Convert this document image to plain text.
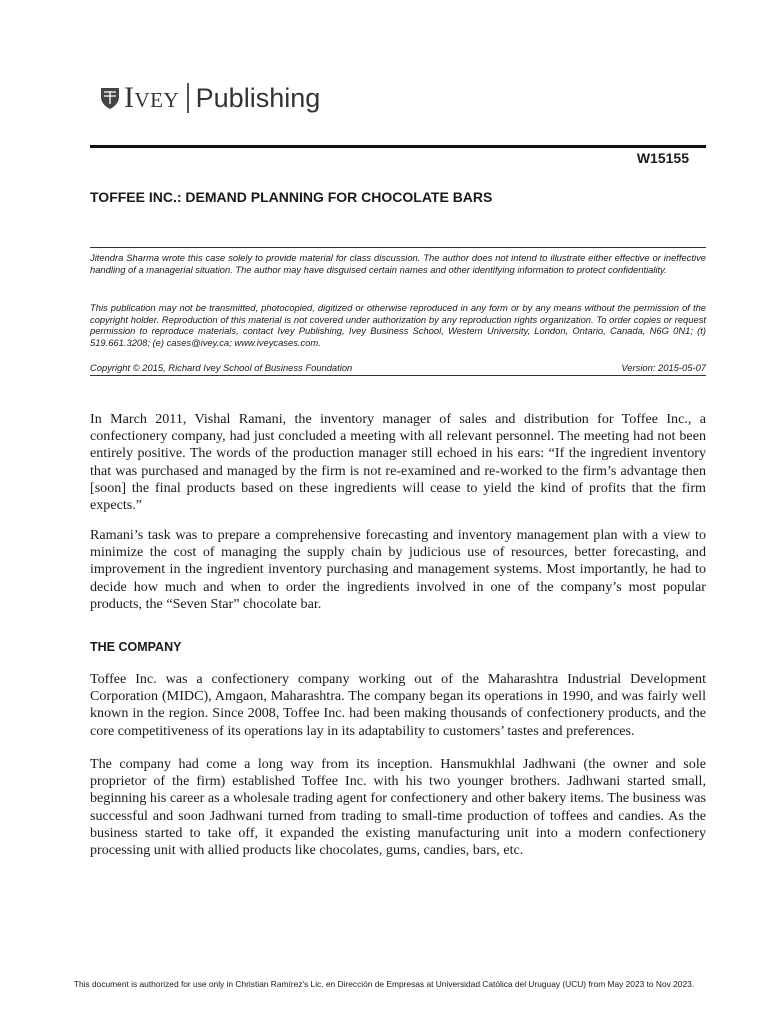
Ivey Publishing
W15155
TOFFEE INC.: DEMAND PLANNING FOR CHOCOLATE BARS

Jitendra Sharma wrote this case solely to provide material for class discussion. The author does not intend to illustrate either effective or ineffective handling of a managerial situation. The author may have disguised certain names and other identifying information to protect confidentiality.

This publication may not be transmitted, photocopied, digitized or otherwise reproduced in any form or by any means without the permission of the copyright holder. Reproduction of this material is not covered under authorization by any reproduction rights organization. To order copies or request permission to reproduce materials, contact Ivey Publishing, Ivey Business School, Western University, London, Ontario, Canada, N6G 0N1; (t) 519.661.3208; (e) cases@ivey.ca; www.iveycases.com.

Copyright © 2015, Richard Ivey School of Business Foundation	Version: 2015-05-07

In March 2011, Vishal Ramani, the inventory manager of sales and distribution for Toffee Inc., a confectionery company, had just concluded a meeting with all relevant personnel. The meeting had not been entirely positive. The words of the production manager still echoed in his ears: “If the ingredient inventory that was purchased and managed by the firm is not re-examined and re-worked to the firm’s advantage then [soon] the final products based on these ingredients will cease to yield the kind of profits that the firm expects.”

Ramani’s task was to prepare a comprehensive forecasting and inventory management plan with a view to minimize the cost of managing the supply chain by judicious use of resources, better forecasting, and improvement in the ingredient inventory purchasing and management systems. Most importantly, he had to decide how much and when to order the ingredients involved in one of the company’s most popular products, the “Seven Star” chocolate bar.

THE COMPANY

Toffee Inc. was a confectionery company working out of the Maharashtra Industrial Development Corporation (MIDC), Amgaon, Maharashtra. The company began its operations in 1990, and was fairly well known in the region. Since 2008, Toffee Inc. had been making thousands of confectionery products, and the core competitiveness of its operations lay in its adaptability to customers’ tastes and preferences.

The company had come a long way from its inception. Hansmukhlal Jadhwani (the owner and sole proprietor of the firm) established Toffee Inc. with his two younger brothers. Jadhwani started small, beginning his career as a wholesale trading agent for confectionery and other bakery items. The business was successful and soon Jadhwani turned from trading to small-time production of toffees and candies. As the business started to take off, it expanded the existing manufacturing unit into a modern confectionery processing unit with allied products like chocolates, gums, candies, bars, etc.

This document is authorized for use only in Christian Ramírez's Lic. en Dirección de Empresas at Universidad Católica del Uruguay (UCU) from May 2023 to Nov 2023.
